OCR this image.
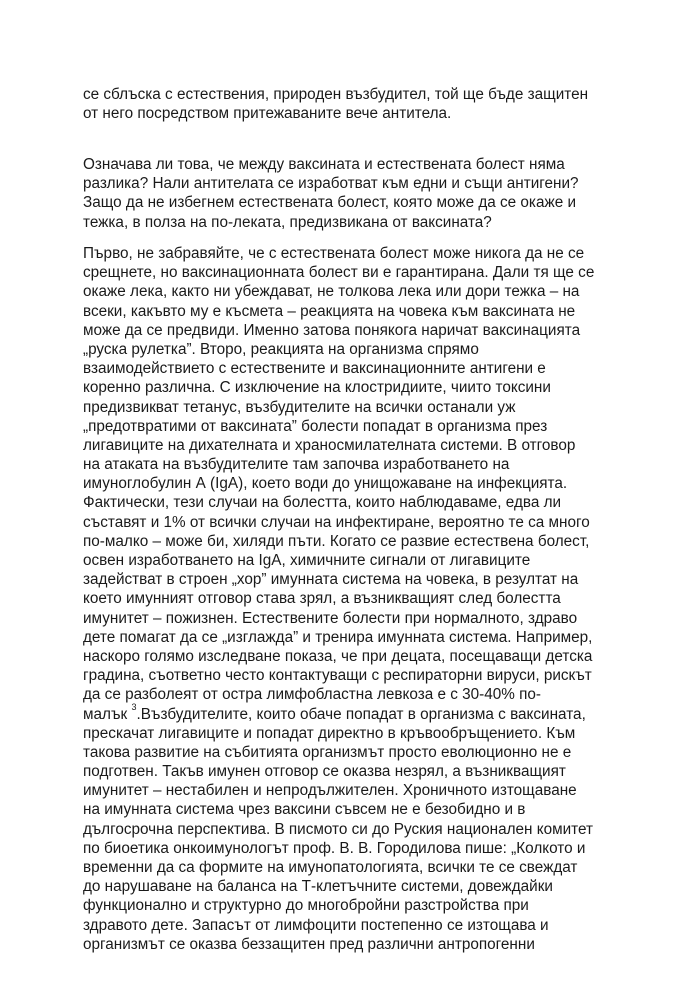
се сблъска с естествения, природен възбудител, той ще бъде защитен
от него посредством притежаваните вече антитела.
Означава ли това, че между ваксината и естествената болест няма
разлика? Нали антителата се изработват към едни и същи антигени?
Защо да не избегнем естествената болест, която може да се окаже и
тежка, в полза на по-леката, предизвикана от ваксината?
Първо, не забравяйте, че с естествената болест може никога да не се
срещнете, но ваксинационната болест ви е гарантирана. Дали тя ще се
окаже лека, както ни убеждават, не толкова лека или дори тежка – на
всеки, какъвто му е късмета – реакцията на човека към ваксината не
може да се предвиди. Именно затова понякога наричат ваксинацията
„руска рулетка”. Второ, реакцията на организма спрямо
взаимодействието с естествените и ваксинационните антигени е
коренно различна. С изключение на клостридиите, чиито токсини
предизвикват тетанус, възбудителите на всички останали уж
„предотвратими от ваксината” болести попадат в организма през
лигавиците на дихателната и храносмилателната системи. В отговор
на атаката на възбудителите там започва изработването на
имуноглобулин А (IgA), което води до унищожаване на инфекцията.
Фактически, тези случаи на болестта, които наблюдаваме, едва ли
съставят и 1% от всички случаи на инфектиране, вероятно те са много
по-малко – може би, хиляди пъти. Когато се развие естествена болест,
освен изработването на IgA, химичните сигнали от лигавиците
задействат в строен „хор” имунната система на човека, в резултат на
което имунният отговор става зрял, а възникващият след болестта
имунитет – пожизнен. Естествените болести при нормалното, здраво
дете помагат да се „изглажда” и тренира имунната система. Например,
наскоро голямо изследване показа, че при децата, посещаващи детска
градина, съответно често контактуващи с респираторни вируси, рискът
да се разболеят от остра лимфобластна левкоза е с 30-40% по-
малък $^3$.Възбудителите, които обаче попадат в организма с ваксината,
прескачат лигавиците и попадат директно в кръвообръщението. Към
такова развитие на събитията организмът просто еволюционно не е
подготвен. Такъв имунен отговор се оказва незрял, а възникващият
имунитет – нестабилен и непродължителен. Хроничното изтощаване
на имунната система чрез ваксини съвсем не е безобидно и в
дългосрочна перспектива. В писмото си до Руския национален комитет
по биоетика онкоимунологът проф. В. В. Городилова пише: „Колкото и
временни да са формите на имунопатологията, всички те се свеждат
до нарушаване на баланса на Т-клетъчните системи, довеждайки
функционално и структурно до многобройни разстройства при
здравото дете. Запасът от лимфоцити постепенно се изтощава и
организмът се оказва беззащитен пред различни антропогенни
